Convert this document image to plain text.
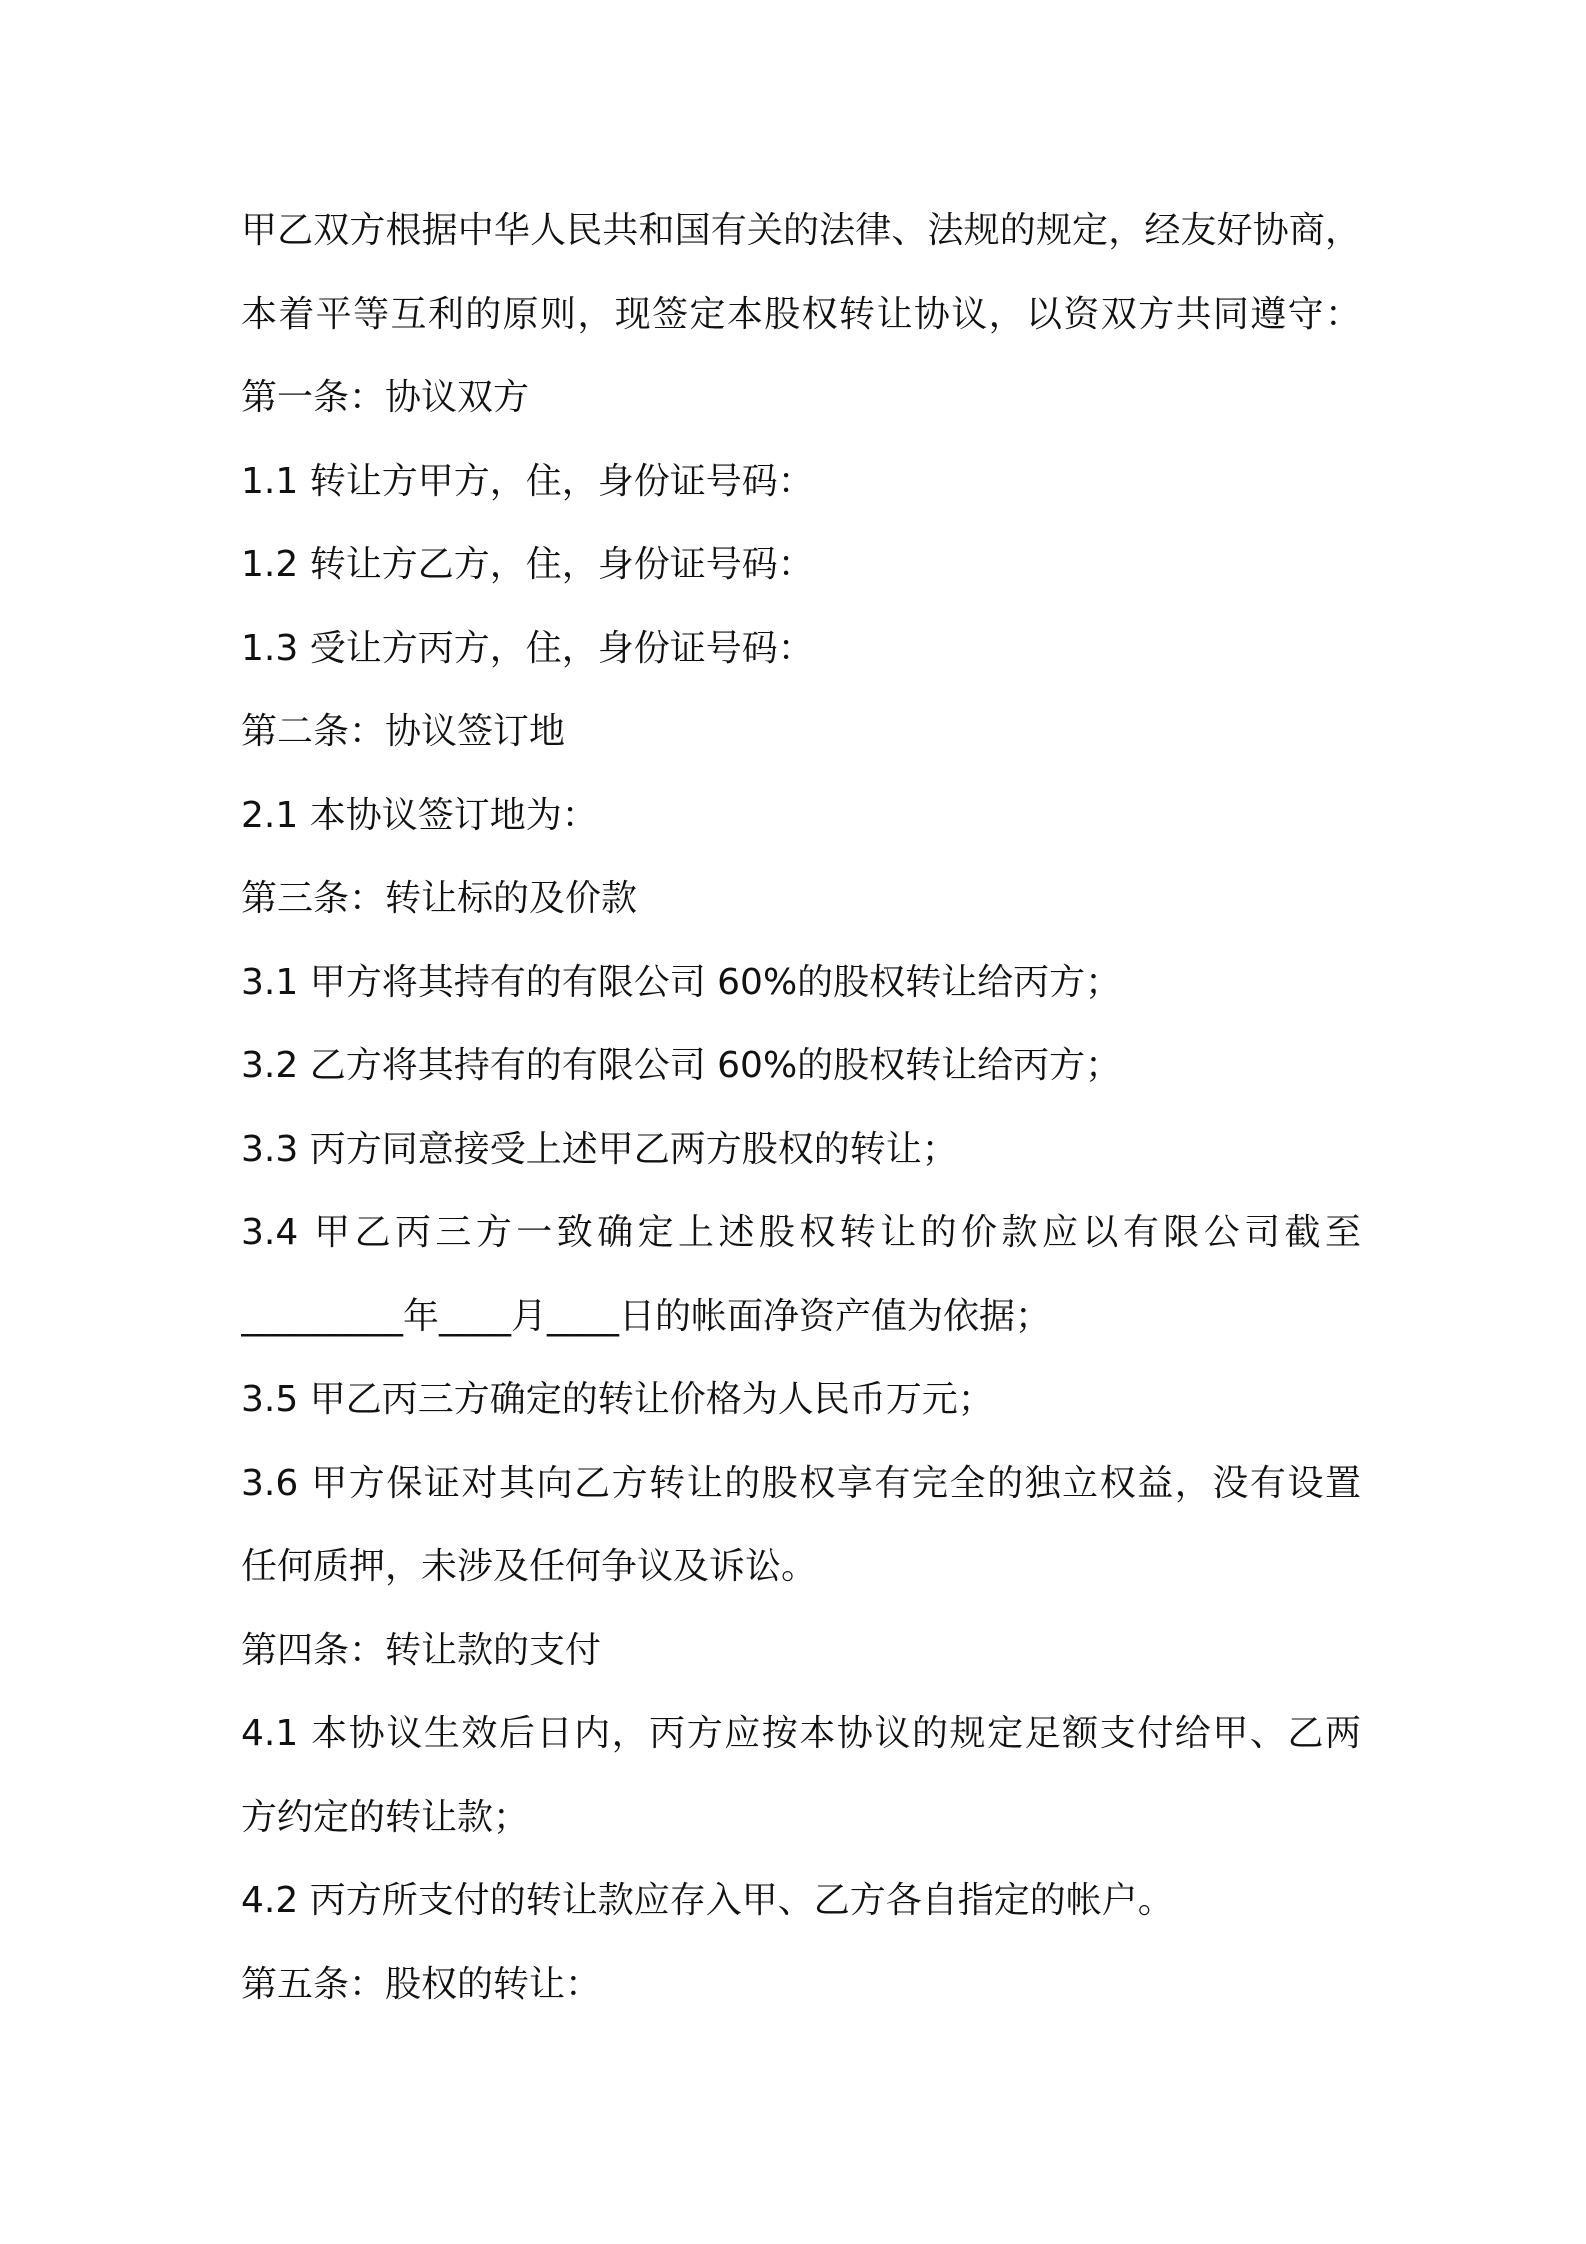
甲乙双方根据中华人民共和国有关的法律、法规的规定，经友好协商，
本着平等互利的原则，现签定本股权转让协议，以资双方共同遵守：
第一条：协议双方
1.1 转让方甲方，住，身份证号码：
1.2 转让方乙方，住，身份证号码：
1.3 受让方丙方，住，身份证号码：
第二条：协议签订地
2.1 本协议签订地为：
第三条：转让标的及价款
3.1 甲方将其持有的有限公司 60%的股权转让给丙方；
3.2 乙方将其持有的有限公司 60%的股权转让给丙方；
3.3 丙方同意接受上述甲乙两方股权的转让；
3.4 甲乙丙三方一致确定上述股权转让的价款应以有限公司截至
_________年____月____日的帐面净资产值为依据；
3.5 甲乙丙三方确定的转让价格为人民币万元；
3.6 甲方保证对其向乙方转让的股权享有完全的独立权益，没有设置
任何质押，未涉及任何争议及诉讼。
第四条：转让款的支付
4.1 本协议生效后日内，丙方应按本协议的规定足额支付给甲、乙两
方约定的转让款；
4.2 丙方所支付的转让款应存入甲、乙方各自指定的帐户。
第五条：股权的转让：
